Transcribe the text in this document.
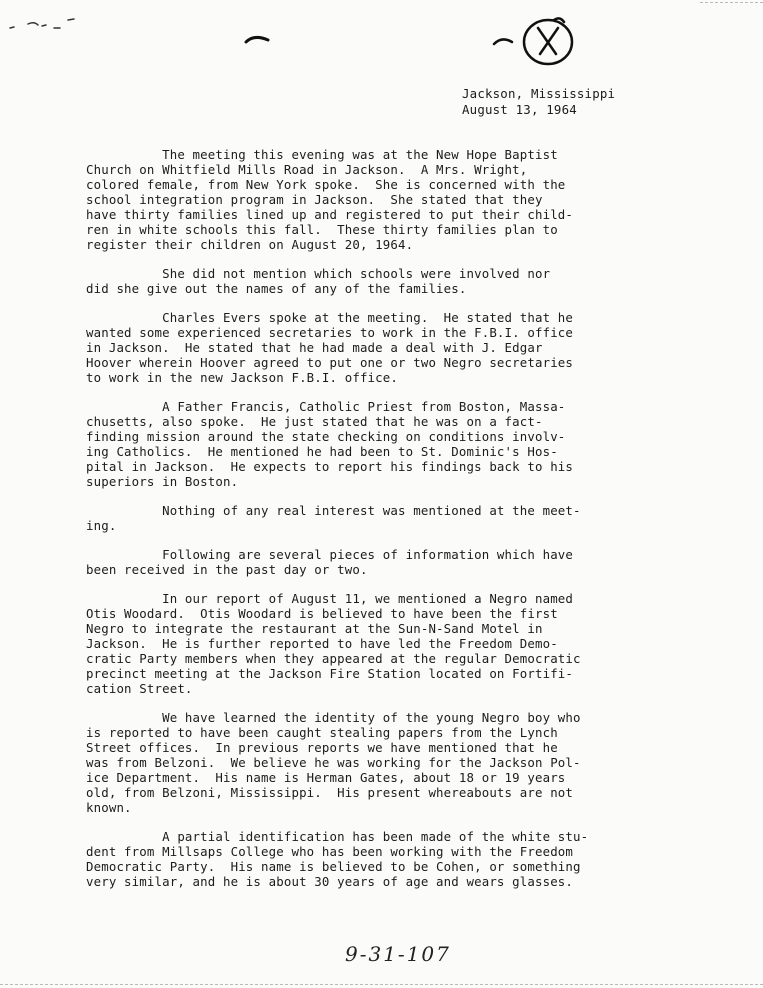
Jackson, Mississippi
August 13, 1964

The meeting this evening was at the New Hope Baptist
Church on Whitfield Mills Road in Jackson.  A Mrs. Wright,
colored female, from New York spoke.  She is concerned with the
school integration program in Jackson.  She stated that they
have thirty families lined up and registered to put their child-
ren in white schools this fall.  These thirty families plan to
register their children on August 20, 1964.

She did not mention which schools were involved nor
did she give out the names of any of the families.

Charles Evers spoke at the meeting.  He stated that he
wanted some experienced secretaries to work in the F.B.I. office
in Jackson.  He stated that he had made a deal with J. Edgar
Hoover wherein Hoover agreed to put one or two Negro secretaries
to work in the new Jackson F.B.I. office.

A Father Francis, Catholic Priest from Boston, Massa-
chusetts, also spoke.  He just stated that he was on a fact-
finding mission around the state checking on conditions involv-
ing Catholics.  He mentioned he had been to St. Dominic's Hos-
pital in Jackson.  He expects to report his findings back to his
superiors in Boston.

Nothing of any real interest was mentioned at the meet-
ing.

Following are several pieces of information which have
been received in the past day or two.

In our report of August 11, we mentioned a Negro named
Otis Woodard.  Otis Woodard is believed to have been the first
Negro to integrate the restaurant at the Sun-N-Sand Motel in
Jackson.  He is further reported to have led the Freedom Demo-
cratic Party members when they appeared at the regular Democratic
precinct meeting at the Jackson Fire Station located on Fortifi-
cation Street.

We have learned the identity of the young Negro boy who
is reported to have been caught stealing papers from the Lynch
Street offices.  In previous reports we have mentioned that he
was from Belzoni.  We believe he was working for the Jackson Pol-
ice Department.  His name is Herman Gates, about 18 or 19 years
old, from Belzoni, Mississippi.  His present whereabouts are not
known.

A partial identification has been made of the white stu-
dent from Millsaps College who has been working with the Freedom
Democratic Party.  His name is believed to be Cohen, or something
very similar, and he is about 30 years of age and wears glasses.

9-31-107
